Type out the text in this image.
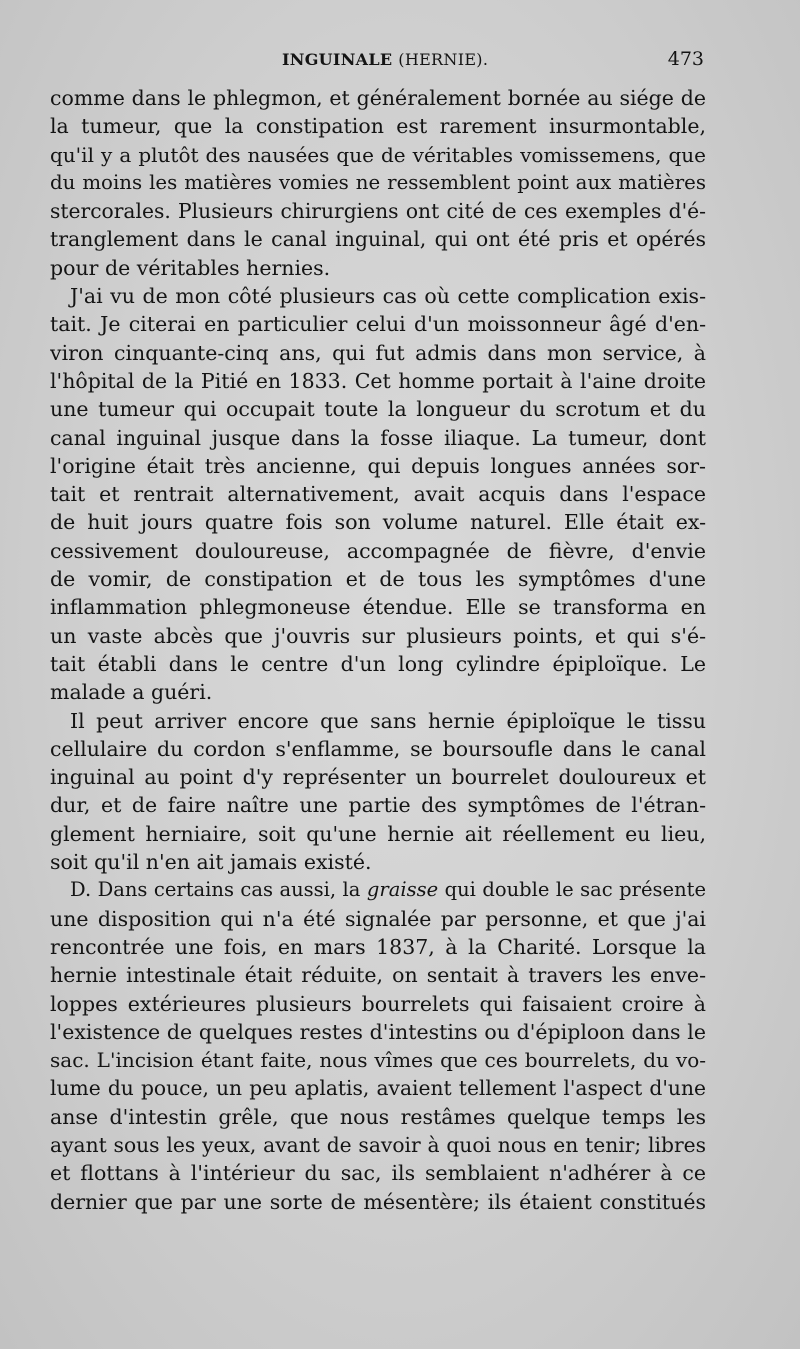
INGUINALE (HERNIE).	473
comme dans le phlegmon, et généralement bornée au siége de
la tumeur, que la constipation est rarement insurmontable,
qu'il y a plutôt des nausées que de véritables vomissemens, que
du moins les matières vomies ne ressemblent point aux matières
stercorales. Plusieurs chirurgiens ont cité de ces exemples d'é-
tranglement dans le canal inguinal, qui ont été pris et opérés
pour de véritables hernies.
J'ai vu de mon côté plusieurs cas où cette complication exis-
tait. Je citerai en particulier celui d'un moissonneur âgé d'en-
viron cinquante-cinq ans, qui fut admis dans mon service, à
l'hôpital de la Pitié en 1833. Cet homme portait à l'aine droite
une tumeur qui occupait toute la longueur du scrotum et du
canal inguinal jusque dans la fosse iliaque. La tumeur, dont
l'origine était très ancienne, qui depuis longues années sor-
tait et rentrait alternativement, avait acquis dans l'espace
de huit jours quatre fois son volume naturel. Elle était ex-
cessivement douloureuse, accompagnée de fièvre, d'envie
de vomir, de constipation et de tous les symptômes d'une
inflammation phlegmoneuse étendue. Elle se transforma en
un vaste abcès que j'ouvris sur plusieurs points, et qui s'é-
tait établi dans le centre d'un long cylindre épiploïque. Le
malade a guéri.
Il peut arriver encore que sans hernie épiploïque le tissu
cellulaire du cordon s'enflamme, se boursoufle dans le canal
inguinal au point d'y représenter un bourrelet douloureux et
dur, et de faire naître une partie des symptômes de l'étran-
glement herniaire, soit qu'une hernie ait réellement eu lieu,
soit qu'il n'en ait jamais existé.
D. Dans certains cas aussi, la graisse qui double le sac présente
une disposition qui n'a été signalée par personne, et que j'ai
rencontrée une fois, en mars 1837, à la Charité. Lorsque la
hernie intestinale était réduite, on sentait à travers les enve-
loppes extérieures plusieurs bourrelets qui faisaient croire à
l'existence de quelques restes d'intestins ou d'épiploon dans le
sac. L'incision étant faite, nous vîmes que ces bourrelets, du vo-
lume du pouce, un peu aplatis, avaient tellement l'aspect d'une
anse d'intestin grêle, que nous restâmes quelque temps les
ayant sous les yeux, avant de savoir à quoi nous en tenir; libres
et flottans à l'intérieur du sac, ils semblaient n'adhérer à ce
dernier que par une sorte de mésentère; ils étaient constitués
